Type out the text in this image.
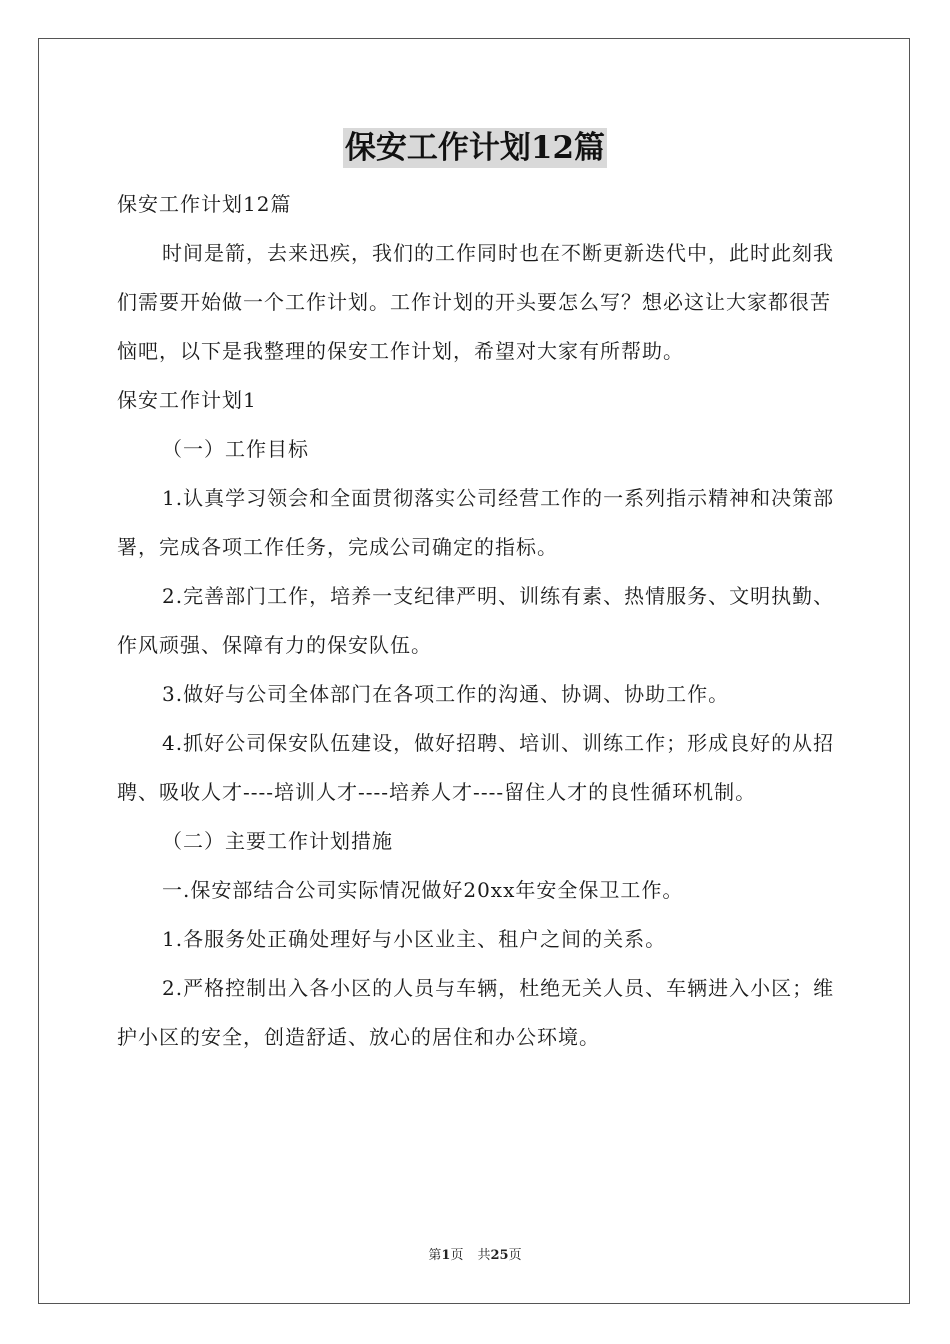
保安工作计划12篇

保安工作计划12篇

时间是箭，去来迅疾，我们的工作同时也在不断更新迭代中，此时此刻我们需要开始做一个工作计划。工作计划的开头要怎么写？想必这让大家都很苦恼吧，以下是我整理的保安工作计划，希望对大家有所帮助。

保安工作计划1

（一）工作目标

1.认真学习领会和全面贯彻落实公司经营工作的一系列指示精神和决策部署，完成各项工作任务，完成公司确定的指标。

2.完善部门工作，培养一支纪律严明、训练有素、热情服务、文明执勤、作风顽强、保障有力的保安队伍。

3.做好与公司全体部门在各项工作的沟通、协调、协助工作。

4.抓好公司保安队伍建设，做好招聘、培训、训练工作；形成良好的从招聘、吸收人才----培训人才----培养人才----留住人才的良性循环机制。

（二）主要工作计划措施

一.保安部结合公司实际情况做好20xx年安全保卫工作。

1.各服务处正确处理好与小区业主、租户之间的关系。

2.严格控制出入各小区的人员与车辆，杜绝无关人员、车辆进入小区；维护小区的安全，创造舒适、放心的居住和办公环境。

第1页 共25页
